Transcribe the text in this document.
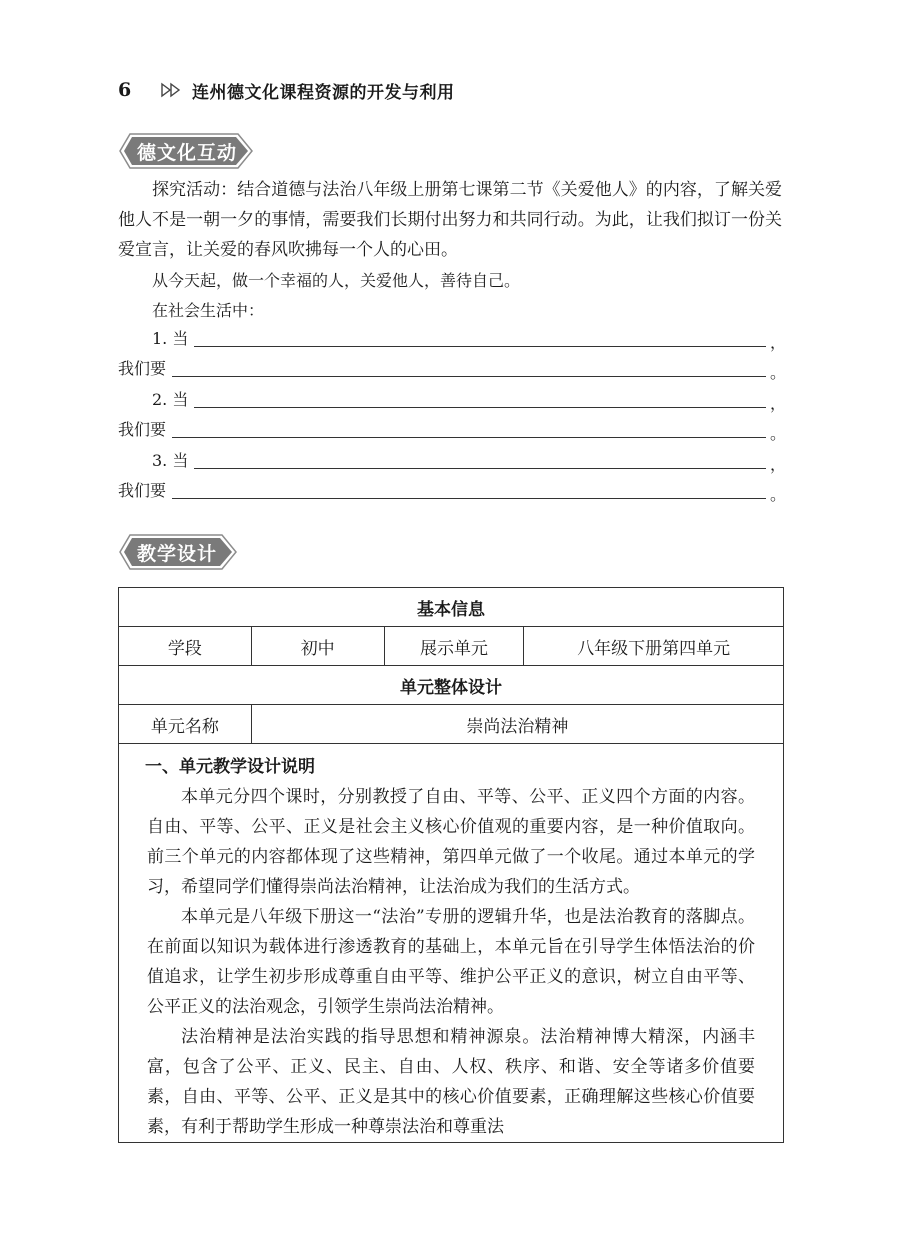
6	连州德文化课程资源的开发与利用
德文化互动
探究活动：结合道德与法治八年级上册第七课第二节《关爱他人》的内容，了解关爱他人不是一朝一夕的事情，需要我们长期付出努力和共同行动。为此，让我们拟订一份关爱宣言，让关爱的春风吹拂每一个人的心田。
从今天起，做一个幸福的人，关爱他人，善待自己。
在社会生活中：
1. 当	，
我们要	。
2. 当	，
我们要	。
3. 当	，
我们要	。
教学设计
基本信息			
学段	初中	展示单元	八年级下册第四单元
单元整体设计			
单元名称	崇尚法治精神		

一、单元教学设计说明

本单元分四个课时，分别教授了自由、平等、公平、正义四个方面的内容。自由、平等、公平、正义是社会主义核心价值观的重要内容，是一种价值取向。前三个单元的内容都体现了这些精神，第四单元做了一个收尾。通过本单元的学习，希望同学们懂得崇尚法治精神，让法治成为我们的生活方式。

本单元是八年级下册这一“法治”专册的逻辑升华，也是法治教育的落脚点。在前面以知识为载体进行渗透教育的基础上，本单元旨在引导学生体悟法治的价值追求，让学生初步形成尊重自由平等、维护公平正义的意识，树立自由平等、公平正义的法治观念，引领学生崇尚法治精神。

法治精神是法治实践的指导思想和精神源泉。法治精神博大精深，内涵丰富，包含了公平、正义、民主、自由、人权、秩序、和谐、安全等诸多价值要素，自由、平等、公平、正义是其中的核心价值要素，正确理解这些核心价值要素，有利于帮助学生形成一种尊崇法治和尊重法			
